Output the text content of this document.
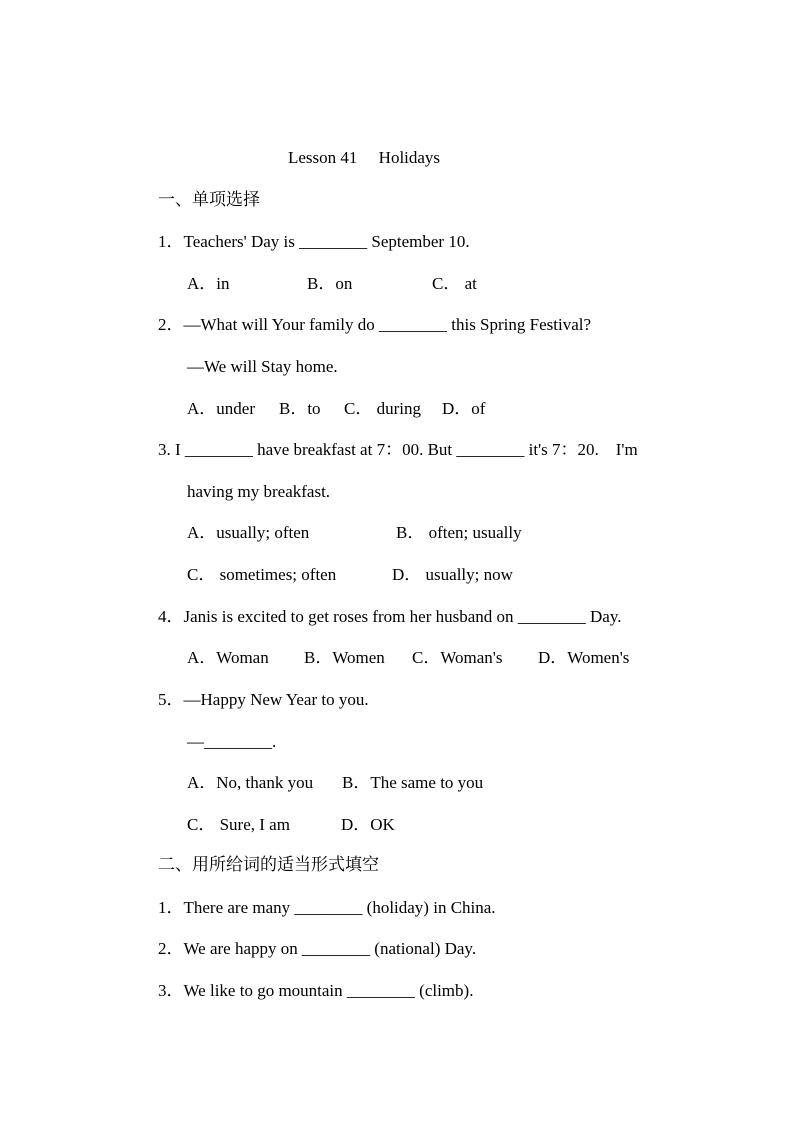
Lesson 41　 Holidays
一、单项选择
1．Teachers' Day is ________ September 10.
A．in	B．on	C． at
2．—What will Your family do ________ this Spring Festival?
—We will Stay home.
A．under B．to C． during D．of
3. I ________ have breakfast at 7：00. But ________ it's 7：20.　I'm
having my breakfast.
A．usually; often	B． often; usually
C． sometimes; often	D． usually; now
4．Janis is excited to get roses from her husband on ________ Day.
A．Woman B．Women C．Woman's D．Women's
5．—Happy New Year to you.
—________.
A．No, thank you B．The same to you
C． Sure, I am	D．OK
二、用所给词的适当形式填空
1．There are many ________ (holiday) in China.
2．We are happy on ________ (national) Day.
3．We like to go mountain ________ (climb).
